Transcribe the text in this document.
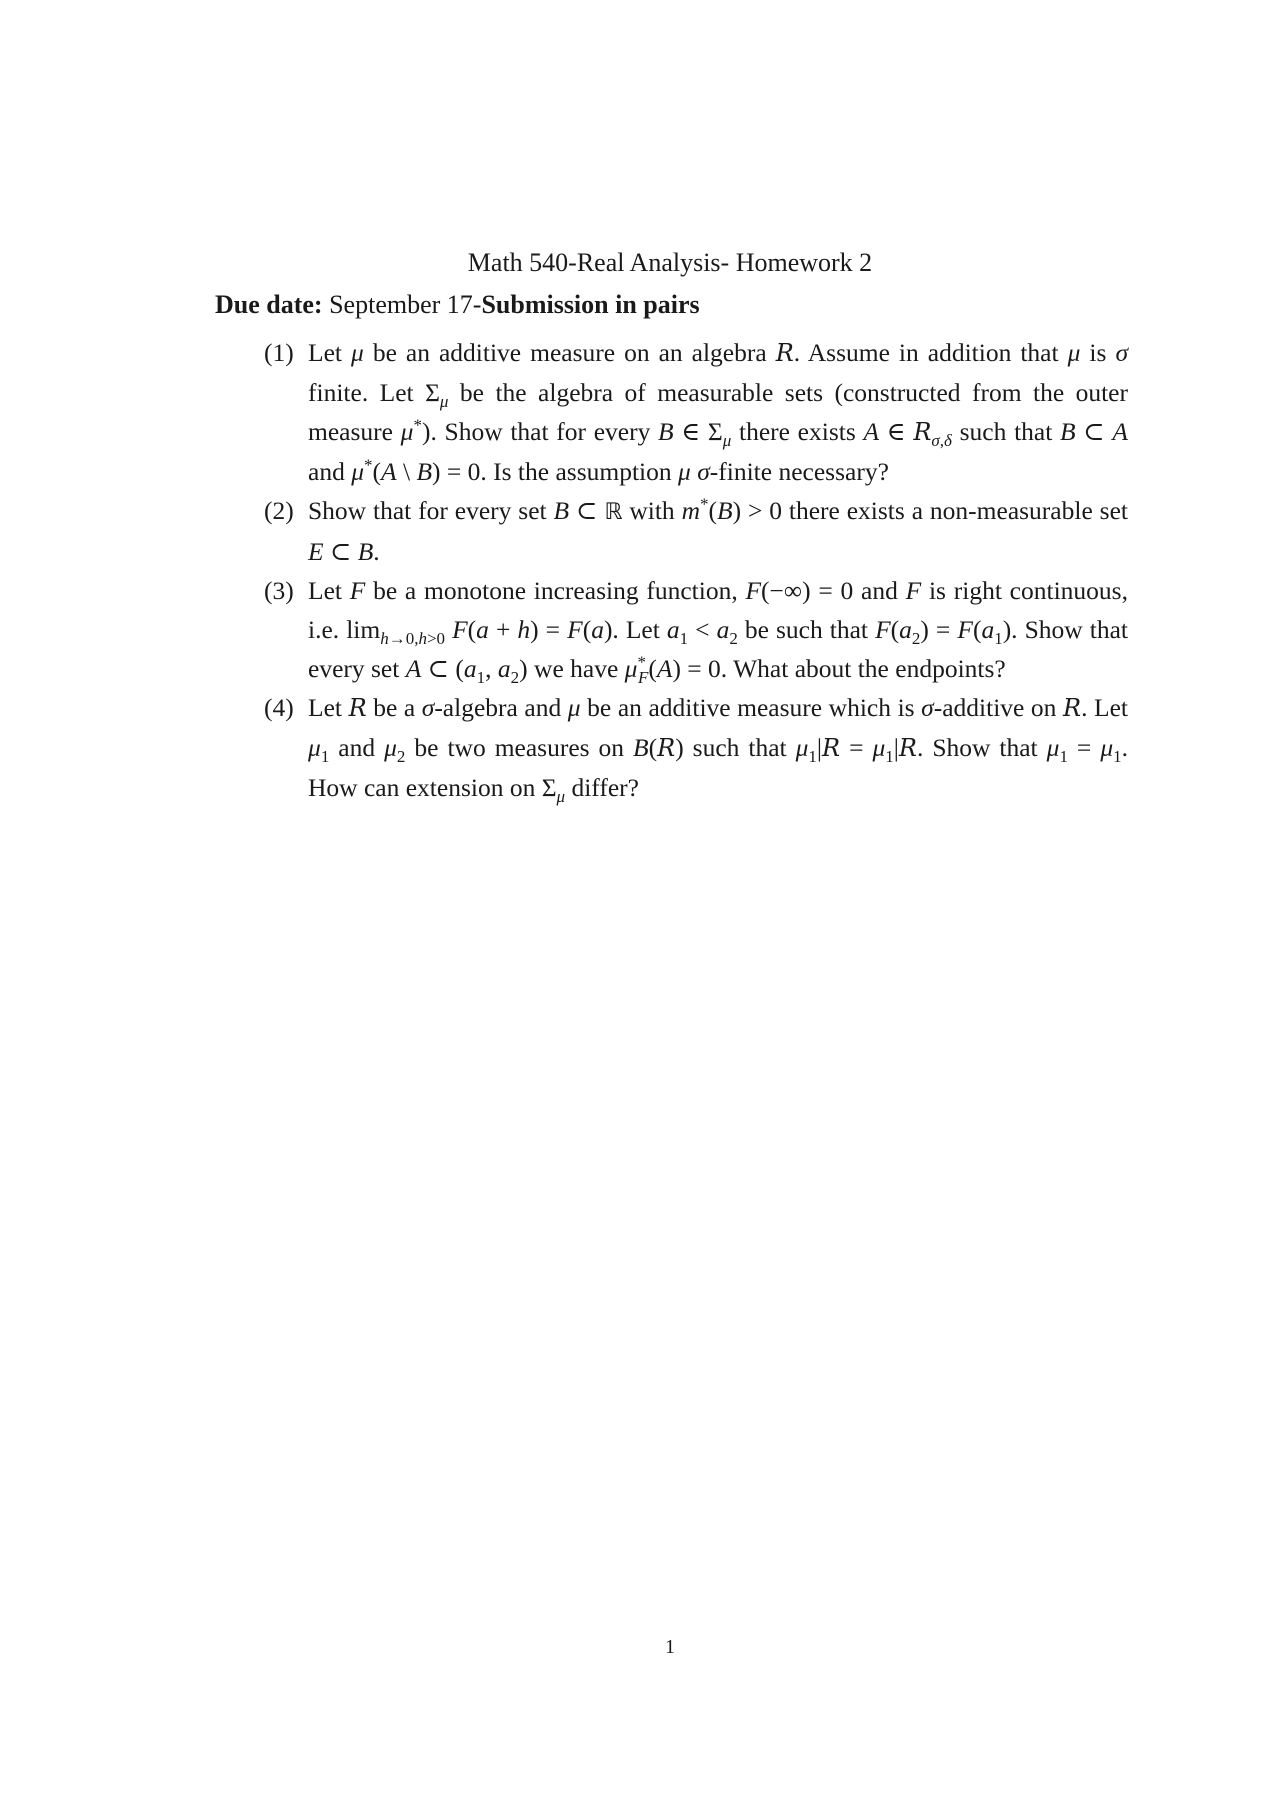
Math 540-Real Analysis- Homework 2
Due date: September 17-Submission in pairs
(1) Let μ be an additive measure on an algebra R. Assume in addition that μ is σ finite. Let $\Sigma_\mu$ be the algebra of measurable sets (constructed from the outer measure μ*). Show that for every B ∈ $\Sigma_\mu$ there exists A ∈ $R_{\sigma,\delta}$ such that B ⊂ A and μ*(A \ B) = 0. Is the assumption μ σ-finite necessary?
(2) Show that for every set B ⊂ ℝ with m*(B) > 0 there exists a non-measurable set E ⊂ B.
(3) Let F be a monotone increasing function, F(−∞) = 0 and F is right continuous, i.e. $\lim_{h\to 0,h>0} F(a + h) = F(a)$. Let $a_1 < a_2$ be such that $F(a_2) = F(a_1)$. Show that every set A ⊂ ($a_1$, $a_2$) we have $\mu^*_F(A) = 0$. What about the endpoints?
(4) Let R be a σ-algebra and μ be an additive measure which is σ-additive on R. Let $\mu_1$ and $\mu_2$ be two measures on B(R) such that $\mu_1|R = \mu_1|R$. Show that $\mu_1 = \mu_1$. How can extension on $\Sigma_\mu$ differ?
1
